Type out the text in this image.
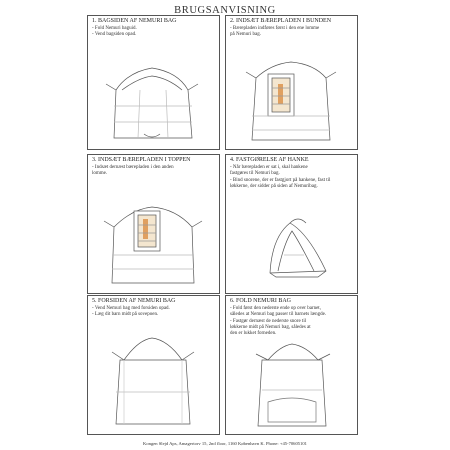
BRUGSANVISNING
1. BAGSIDEN AF NEMURI BAG
- Fold Nemuri baguid.
- Vend bagsiden opad.
2. INDSÆT BÆREPLADEN I BUNDEN
- Bærepladen indføres først i den ene lomme
på Nemuri bag.
3. INDSÆT BÆREPLADEN I TOPPEN
- Indsæt dernæst bærepladen i den anden
lomme.
4. FASTGØRELSE AF HANKE
- Når bærepladen er sat i, skal hankene
fastgøres til Nemuri bag.
- Bind snorene, der er fastgjort på hankene, fast til
løkkerne, der sidder på siden af Nemuribag.
5. FORSIDEN AF NEMURI BAG
- Vend Nemuri bag med forsiden opad.
- Læg dit barn midt på sovepoen.
6. FOLD NEMURI BAG
- Fold først den nederste ende op over barnet,
således at Nemuri bag passer til barnets længde.
- Fastgør dernæst de nederste snore til
løkkerne midt på Nemuri bag, således at
den er lukket forneden.
Kongen Slejd Aps, Amagertorv 15, 2nd floor, 1160 København K. Phone: +45-70605101
